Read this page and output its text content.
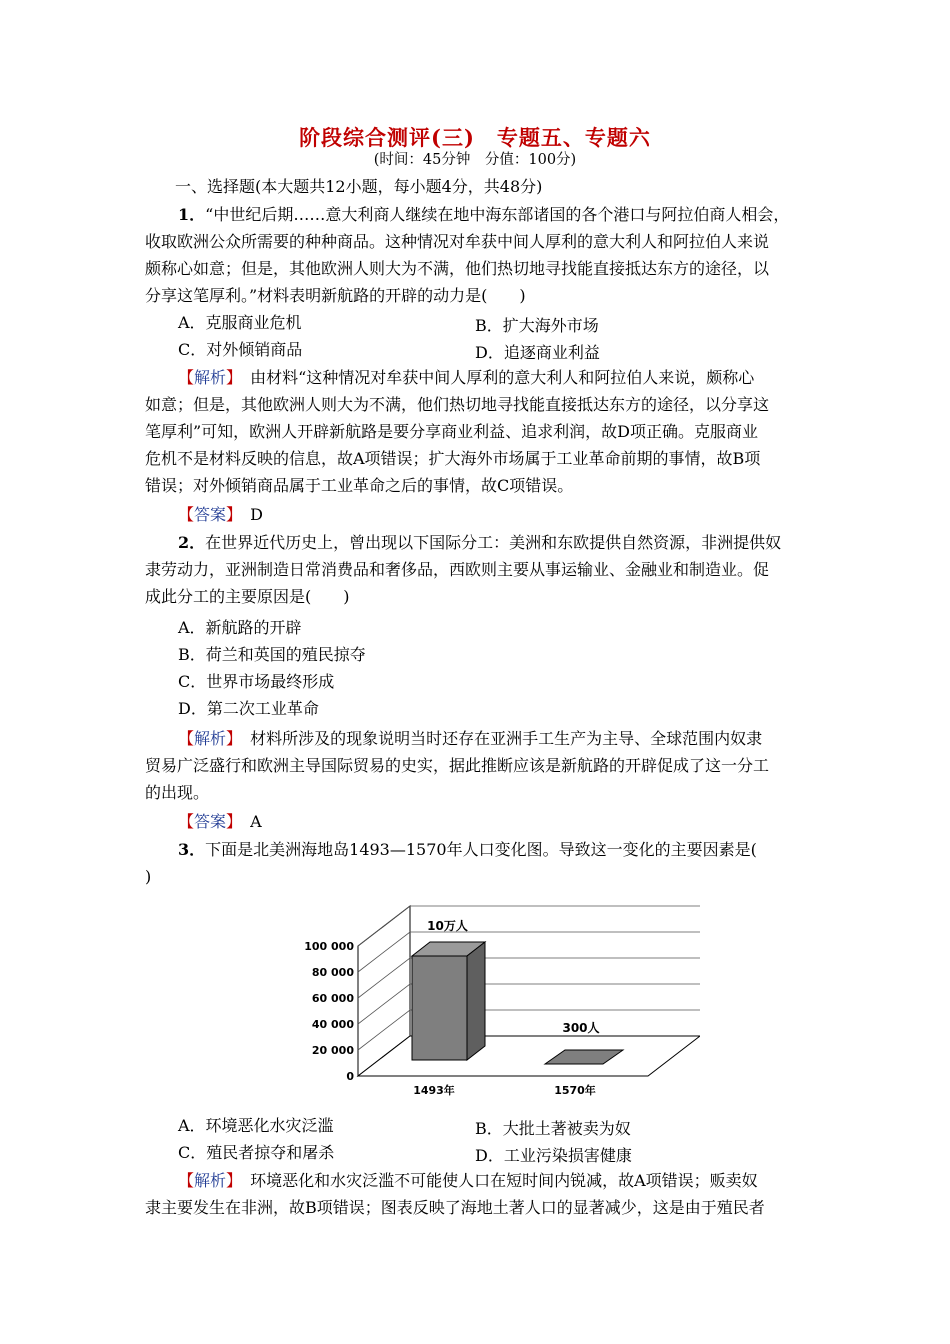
阶段综合测评(三)　专题五、专题六
(时间：45分钟　分值：100分)
一、选择题(本大题共12小题，每小题4分，共48分)
1．“中世纪后期……意大利商人继续在地中海东部诸国的各个港口与阿拉伯商人相会，
收取欧洲公众所需要的种种商品。这种情况对牟获中间人厚利的意大利人和阿拉伯人来说
颇称心如意；但是，其他欧洲人则大为不满，他们热切地寻找能直接抵达东方的途径，以
分享这笔厚利。”材料表明新航路的开辟的动力是(　　)
A．克服商业危机	B．扩大海外市场
C．对外倾销商品	D．追逐商业利益
【解析】　 由材料“这种情况对牟获中间人厚利的意大利人和阿拉伯人来说，颇称心
如意；但是，其他欧洲人则大为不满，他们热切地寻找能直接抵达东方的途径，以分享这
笔厚利”可知，欧洲人开辟新航路是要分享商业利益、追求利润，故D项正确。克服商业
危机不是材料反映的信息，故A项错误；扩大海外市场属于工业革命前期的事情，故B项
错误；对外倾销商品属于工业革命之后的事情，故C项错误。
【答案】　 D
2．在世界近代历史上，曾出现以下国际分工：美洲和东欧提供自然资源，非洲提供奴
隶劳动力，亚洲制造日常消费品和奢侈品，西欧则主要从事运输业、金融业和制造业。促
成此分工的主要原因是(　　)
A．新航路的开辟
B．荷兰和英国的殖民掠夺
C．世界市场最终形成
D．第二次工业革命
【解析】　 材料所涉及的现象说明当时还存在亚洲手工生产为主导、全球范围内奴隶
贸易广泛盛行和欧洲主导国际贸易的史实，据此推断应该是新航路的开辟促成了这一分工
的出现。
【答案】　 A
3．下面是北美洲海地岛1493—1570年人口变化图。导致这一变化的主要因素是(
)
100 000
80 000
60 000
40 000
20 000
0
10万人
1493年
300人
1570年
A．环境恶化水灾泛滥	B．大批土著被卖为奴
C．殖民者掠夺和屠杀	D．工业污染损害健康
【解析】　 环境恶化和水灾泛滥不可能使人口在短时间内锐减，故A项错误；贩卖奴
隶主要发生在非洲，故B项错误；图表反映了海地土著人口的显著减少，这是由于殖民者
